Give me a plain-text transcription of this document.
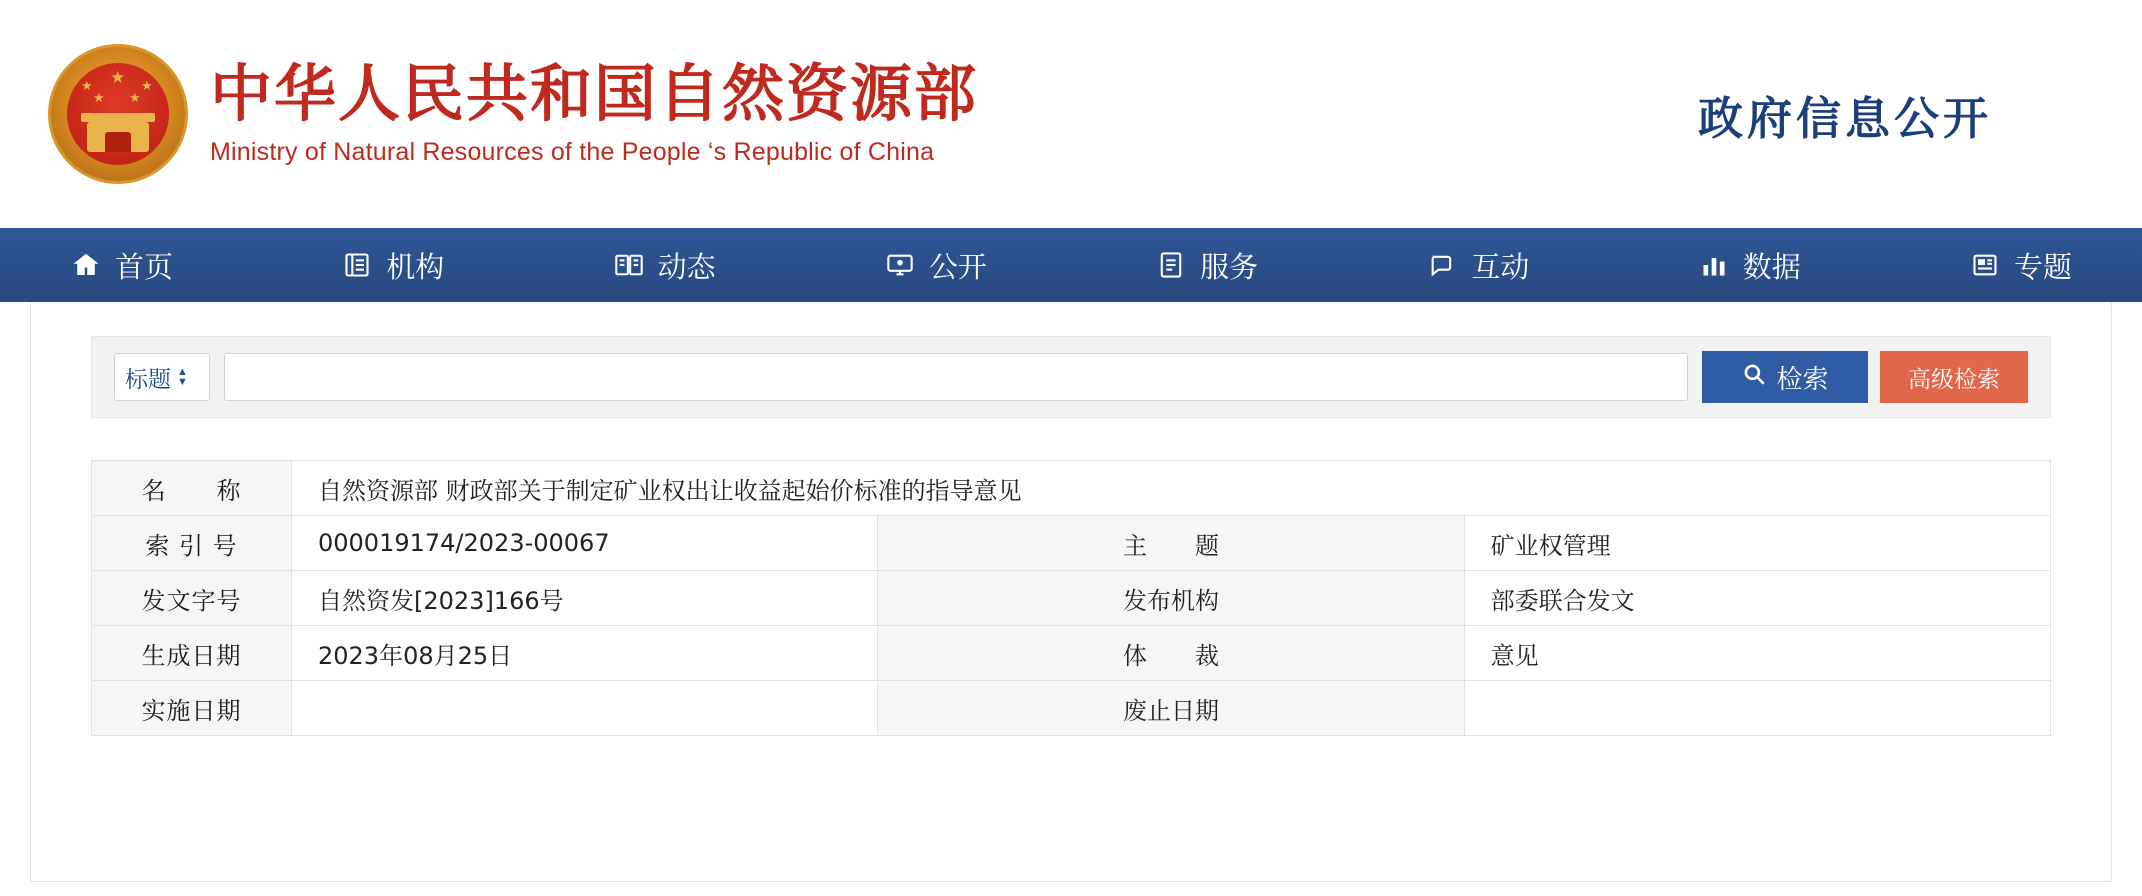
★
★
★ ★
★ 中华人民共和国自然资源部
Ministry of Natural Resources of the People ‘s Republic of China
政府信息公开
首页	机构	动态	公开	服务	互动	数据	专题
标题 ▲
▼	检索	高级检索
名　　称	自然资源部 财政部关于制定矿业权出让收益起始价标准的指导意见		
索 引 号	000019174/2023-00067	主　　题	矿业权管理
发文字号	自然资发[2023]166号	发布机构	部委联合发文
生成日期	2023年08月25日	体　　裁	意见
实施日期		废止日期	
